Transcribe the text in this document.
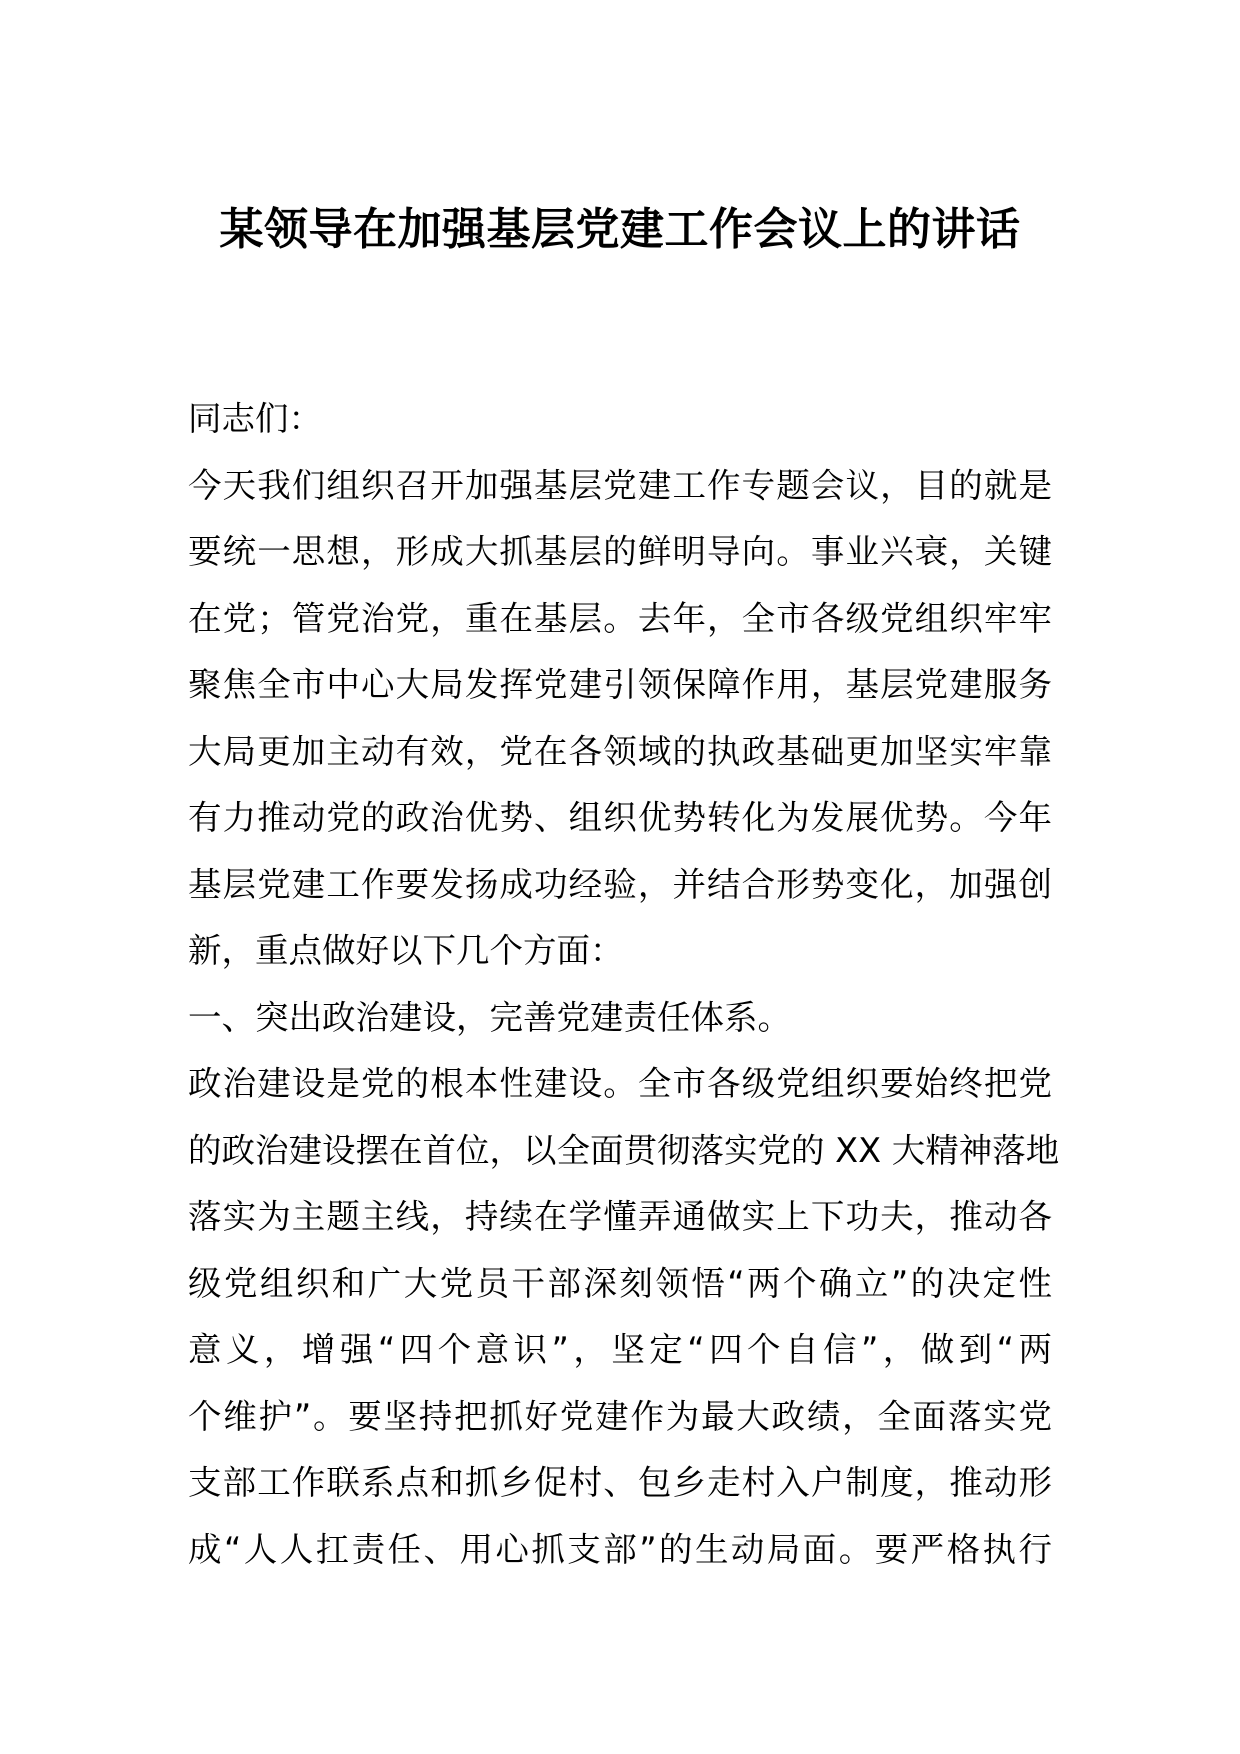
某领导在加强基层党建工作会议上的讲话
同志们：
今天我们组织召开加强基层党建工作专题会议，目的就是
要统一思想，形成大抓基层的鲜明导向。事业兴衰，关键
在党；管党治党，重在基层。去年，全市各级党组织牢牢
聚焦全市中心大局发挥党建引领保障作用，基层党建服务
大局更加主动有效，党在各领域的执政基础更加坚实牢靠
有力推动党的政治优势、组织优势转化为发展优势。今年
基层党建工作要发扬成功经验，并结合形势变化，加强创
新，重点做好以下几个方面：
一、突出政治建设，完善党建责任体系。
政治建设是党的根本性建设。全市各级党组织要始终把党
的政治建设摆在首位，以全面贯彻落实党的 XX 大精神落地
落实为主题主线，持续在学懂弄通做实上下功夫，推动各
级党组织和广大党员干部深刻领悟“两个确立”的决定性
意义，增强“四个意识”，坚定“四个自信”，做到“两
个维护”。要坚持把抓好党建作为最大政绩，全面落实党
支部工作联系点和抓乡促村、包乡走村入户制度，推动形
成“人人扛责任、用心抓支部”的生动局面。要严格执行
